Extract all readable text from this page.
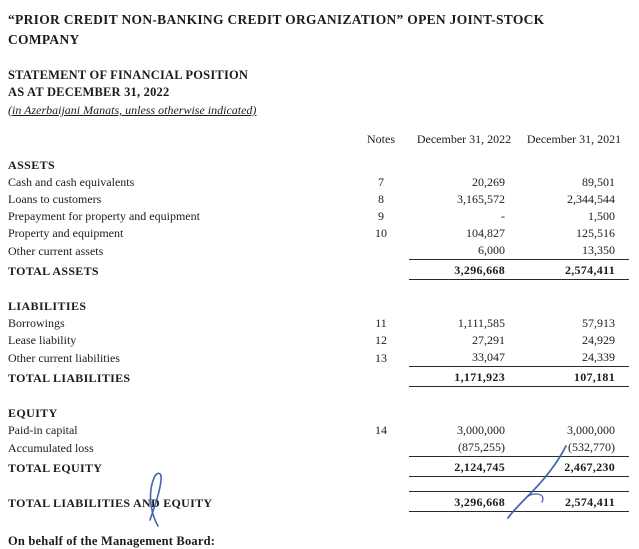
“PRIOR CREDIT NON-BANKING CREDIT ORGANIZATION” OPEN JOINT-STOCK COMPANY
STATEMENT OF FINANCIAL POSITION
AS AT DECEMBER 31, 2022
(in Azerbaijani Manats, unless otherwise indicated)
	Notes	December 31, 2022	December 31, 2021
ASSETS			
Cash and cash equivalents	7	20,269	89,501
Loans to customers	8	3,165,572	2,344,544
Prepayment for property and equipment	9	-	1,500
Property and equipment	10	104,827	125,516
Other current assets		6,000	13,350
TOTAL ASSETS		3,296,668	2,574,411

LIABILITIES			
Borrowings	11	1,111,585	57,913
Lease liability	12	27,291	24,929
Other current liabilities	13	33,047	24,339
TOTAL LIABILITIES		1,171,923	107,181

EQUITY			
Paid-in capital	14	3,000,000	3,000,000
Accumulated loss		(875,255)	(532,770)
TOTAL EQUITY		2,124,745	2,467,230

TOTAL LIABILITIES AND EQUITY		3,296,668	2,574,411
On behalf of the Management Board:
